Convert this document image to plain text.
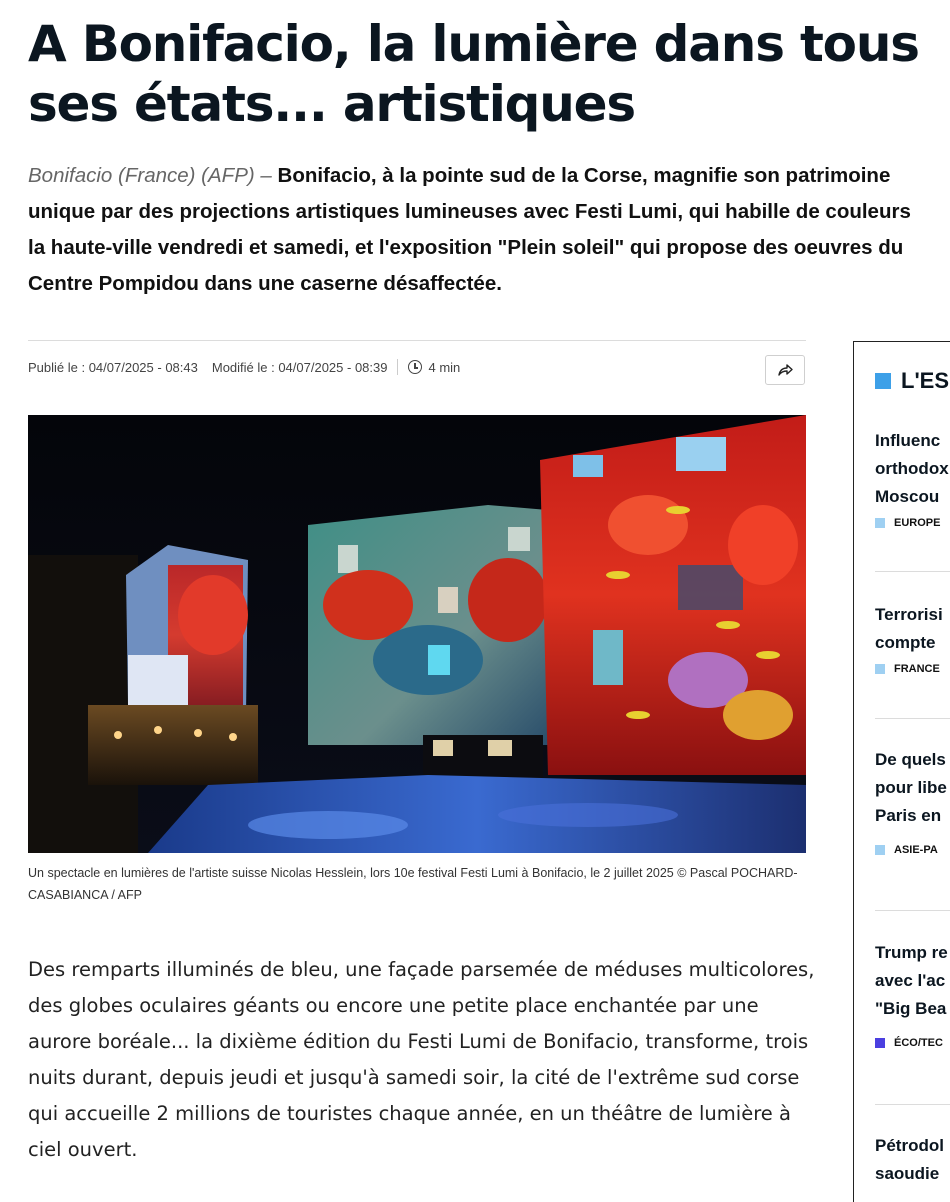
A Bonifacio, la lumière dans tous ses états... artistiques

Bonifacio (France) (AFP) – Bonifacio, à la pointe sud de la Corse, magnifie son patrimoine unique par des projections artistiques lumineuses avec Festi Lumi, qui habille de couleurs la haute-ville vendredi et samedi, et l'exposition "Plein soleil" qui propose des oeuvres du Centre Pompidou dans une caserne désaffectée.

Publié le : 04/07/2025 - 08:43 Modifié le : 04/07/2025 - 08:39	4 min

Un spectacle en lumières de l'artiste suisse Nicolas Hesslein, lors 10e festival Festi Lumi à Bonifacio, le 2 juillet 2025 © Pascal POCHARD-CASABIANCA / AFP

Des remparts illuminés de bleu, une façade parsemée de méduses multicolores, des globes oculaires géants ou encore une petite place enchantée par une aurore boréale... la dixième édition du Festi Lumi de Bonifacio, transforme, trois nuits durant, depuis jeudi et jusqu'à samedi soir, la cité de l'extrême sud corse qui accueille 2 millions de touristes chaque année, en un théâtre de lumière à ciel ouvert.

L'ES

Influenc
orthodox
Moscou

EUROPE

Terrorisi
compte

FRANCE

De quels
pour libe
Paris en

ASIE-PA

Trump re
avec l'ac
"Big Bea

ÉCO/TEC

Pétrodol
saoudie
